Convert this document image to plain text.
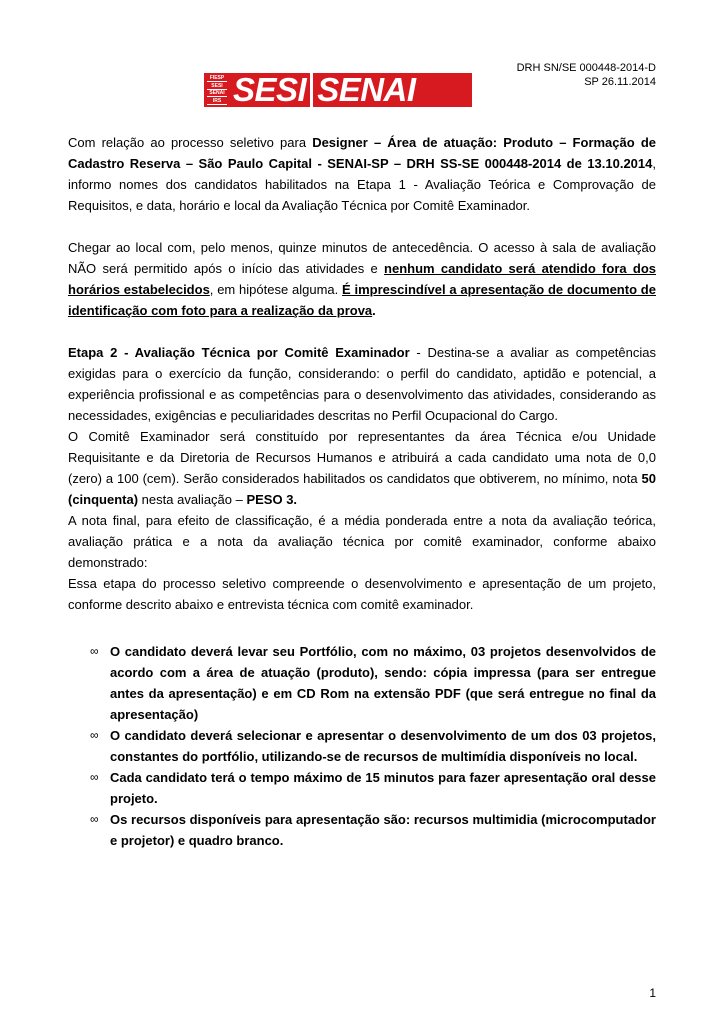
DRH SN/SE 000448-2014-D
SP 26.11.2014
FIESP
SESI
SENAI
IRS SESI SENAI

Com relação ao processo seletivo para Designer – Área de atuação: Produto – Formação de Cadastro Reserva – São Paulo Capital - SENAI-SP – DRH SS-SE 000448-2014 de 13.10.2014, informo nomes dos candidatos habilitados na Etapa 1 - Avaliação Teórica e Comprovação de Requisitos, e data, horário e local da Avaliação Técnica por Comitê Examinador.

Chegar ao local com, pelo menos, quinze minutos de antecedência. O acesso à sala de avaliação NÃO será permitido após o início das atividades e nenhum candidato será atendido fora dos horários estabelecidos, em hipótese alguma. É imprescindível a apresentação de documento de identificação com foto para a realização da prova.

Etapa 2 - Avaliação Técnica por Comitê Examinador - Destina-se a avaliar as competências exigidas para o exercício da função, considerando: o perfil do candidato, aptidão e potencial, a experiência profissional e as competências para o desenvolvimento das atividades, considerando as necessidades, exigências e peculiaridades descritas no Perfil Ocupacional do Cargo.

O Comitê Examinador será constituído por representantes da área Técnica e/ou Unidade Requisitante e da Diretoria de Recursos Humanos e atribuirá a cada candidato uma nota de 0,0 (zero) a 100 (cem). Serão considerados habilitados os candidatos que obtiverem, no mínimo, nota 50 (cinquenta) nesta avaliação – PESO 3.

A nota final, para efeito de classificação, é a média ponderada entre a nota da avaliação teórica, avaliação prática e a nota da avaliação técnica por comitê examinador, conforme abaixo demonstrado:

Essa etapa do processo seletivo compreende o desenvolvimento e apresentação de um projeto, conforme descrito abaixo e entrevista técnica com comitê examinador.

∞ O candidato deverá levar seu Portfólio, com no máximo, 03 projetos desenvolvidos de acordo com a área de atuação (produto), sendo: cópia impressa (para ser entregue antes da apresentação) e em CD Rom na extensão PDF (que será entregue no final da apresentação)
∞ O candidato deverá selecionar e apresentar o desenvolvimento de um dos 03 projetos, constantes do portfólio, utilizando-se de recursos de multimídia disponíveis no local.
∞ Cada candidato terá o tempo máximo de 15 minutos para fazer apresentação oral desse projeto.
∞ Os recursos disponíveis para apresentação são: recursos multimidia (microcomputador e projetor) e quadro branco.
1
